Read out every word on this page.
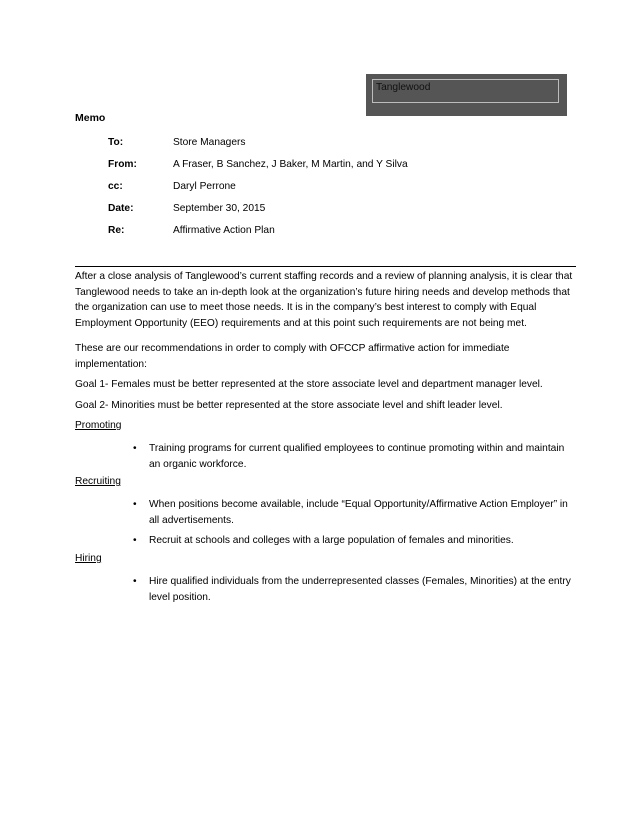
Tanglewood
Memo
To:	Store Managers
From:	A Fraser, B Sanchez, J Baker, M Martin, and Y Silva
cc:	Daryl Perrone
Date:	September 30, 2015
Re:	Affirmative Action Plan

After a close analysis of Tanglewood’s current staffing records and a review of planning analysis, it is clear that Tanglewood needs to take an in-depth look at the organization’s future hiring needs and develop methods that the organization can use to meet those needs. It is in the company’s best interest to comply with Equal Employment Opportunity (EEO) requirements and at this point such requirements are not being met.

These are our recommendations in order to comply with OFCCP affirmative action for immediate implementation:

Goal 1- Females must be better represented at the store associate level and department manager level.

Goal 2- Minorities must be better represented at the store associate level and shift leader level.

Promoting
• Training programs for current qualified employees to continue promoting within and maintain an organic workforce.
Recruiting
• When positions become available, include “Equal Opportunity/Affirmative Action Employer” in all advertisements.
• Recruit at schools and colleges with a large population of females and minorities.
Hiring
• Hire qualified individuals from the underrepresented classes (Females, Minorities) at the entry level position.
